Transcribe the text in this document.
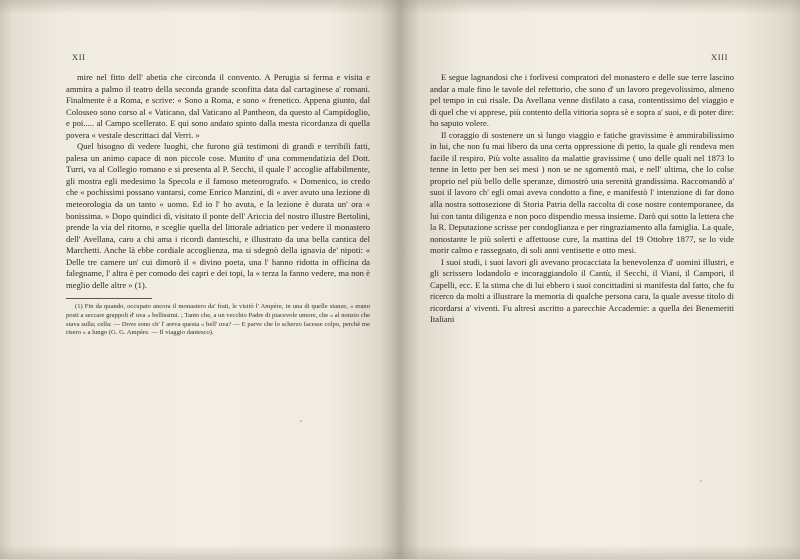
XII

mire nel fitto dell' abetia che circonda il convento. A Perugia si ferma e visita e ammira a palmo il teatro della seconda grande sconfitta data dal cartaginese a' romani. Finalmente è a Roma, e scrive: « Sono a Roma, e sono « frenetico. Appena giunto, dal Colosseo sono corso al « Vaticano, dal Vaticano al Pantheon, da questo al Campidoglio, e poi..... al Campo scellerato. E qui sono andato spinto dalla mesta ricordanza di quella povera « vestale descrittaci dal Verri. »

Quel bisogno di vedere luoghi, che furono già testimoni di grandi e terribili fatti, palesa un animo capace di non piccole cose. Munito d' una commendatizia del Dott. Turri, va al Collegio romano e si presenta al P. Secchi, il quale l' accoglie affabilmente, gli mostra egli medesimo la Specola e il famoso meteorografo. « Domenico, io credo che « pochissimi possano vantarsi, come Enrico Manzini, di « aver avuto una lezione di meteorologia da un tanto « uomo. Ed io l' ho avuta, e la lezione è durata un' ora « bonissima. » Dopo quindici dì, visitato il ponte dell' Ariccia del nostro illustre Bertolini, prende la via del ritorno, e sceglie quella del littorale adriatico per vedere il monastero dell' Avellana, caro a chi ama i ricordi danteschi, e illustrato da una bella cantica del Marchetti. Anche là ebbe cordiale accoglienza, ma si sdegnò della ignavia de' nipoti: « Delle tre camere un' cui dimorò il « divino poeta, una l' hanno ridotta in officina da falegname, l' altra è per comodo dei capri e dei topi, la « terza la fanno vedere, ma non è meglio delle altre » (1).

(1) Fin da quando, occupato ancora il monastero da' frati, le visitò l' Ampère, in una di quelle stanze, « erano posti a seccare grappoli d' uva « bellissimi. ; Tanto che, a un vecchio Padre di piacevole umore, che « al nonzio che stava sulla; cella: — Dove sono ch' l' areva questa « bell' uva? — E parve che lo scherzo facesse colpo, perchè me risero « a lungo (G. G. Ampère. — Il viaggio dantesco).
XIII

E segue lagnandosi che i forlivesi compratori del monastero e delle sue terre lascino andar a male fino le tavole del refettorio, che sono d' un lavoro pregevolissimo, almeno pel tempo in cui risale. Da Avellana venne disfilato a casa, contentissimo del viaggio e di quel che vi apprese, più contento della vittoria sopra sè e sopra a' suoi, e di poter dire: ho saputo volere.

Il coraggio di sostenere un sì lungo viaggio e fatiche gravissime è ammirabilissimo in lui, che non fu mai libero da una certa oppressione di petto, la quale gli rendeva men facile il respiro. Più volte assalito da malattie gravissime ( uno delle quali nel 1873 lo tenne in letto per ben sei mesi ) non se ne sgomentò mai, e nell' ultima, che lo colse proprio nel più bello delle speranze, dimostrò una serenità grandissima. Raccomandò a' suoi il lavoro ch' egli omai aveva condotto a fine, e manifestò l' intenzione di far dono alla nostra sottosezione di Storia Patria della raccolta di cose nostre contemporanee, da lui con tanta diligenza e non poco dispendio messa insieme. Darò qui sotto la lettera che la R. Deputazione scrisse per condoglianza e per ringraziamento alla famiglia. La quale, nonostante le più solerti e affettuose cure, la mattina del 19 Ottobre 1877, se lo vide morir calmo e rassegnato, di soli anni ventisette e otto mesi.

I suoi studi, i suoi lavori gli avevano procacciata la benevolenza d' uomini illustri, e gli scrissero lodandolo e incoraggiandolo il Cantù, il Secchi, il Viani, il Campori, il Capelli, ecc. E la stima che di lui ebbero i suoi concittadini si manifesta dal fatto, che fu ricerco da molti a illustrare la memoria di qualche persona cara, la quale avesse titolo di ricordarsi a' viventi. Fu altresì ascritto a parecchie Accademie: a quella dei Benemeriti Italiani
